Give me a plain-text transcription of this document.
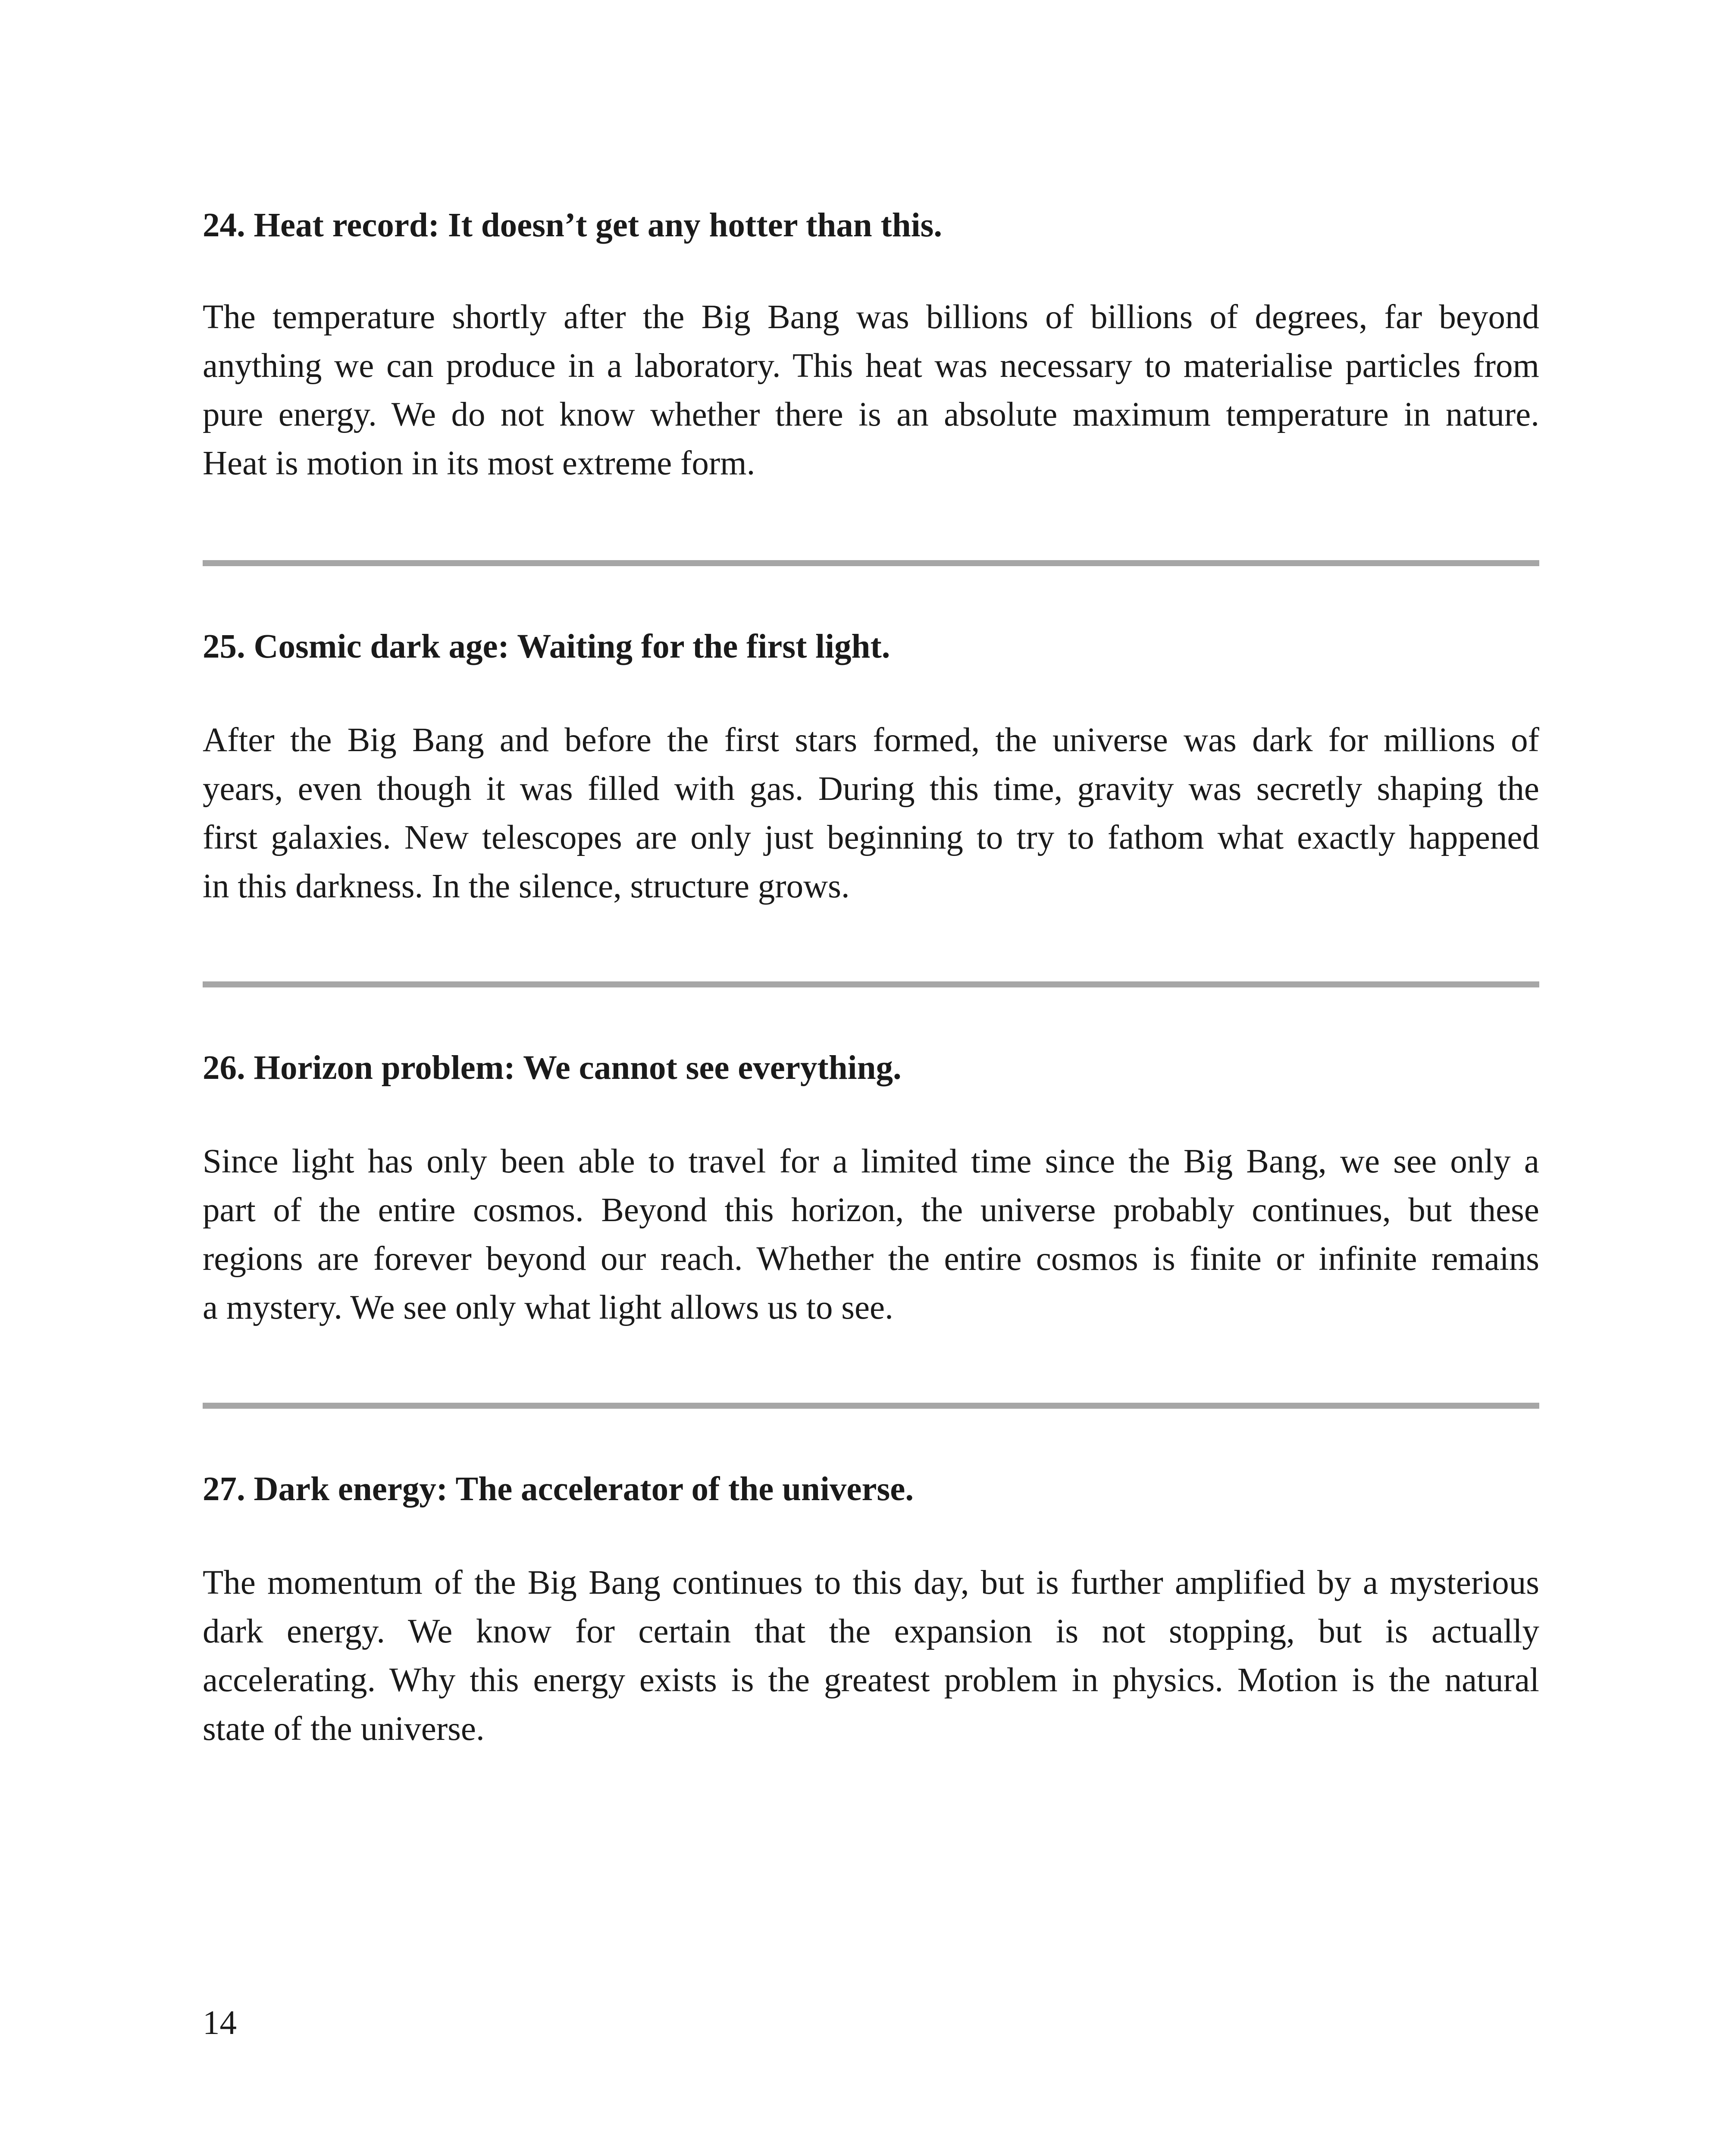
24. Heat record: It doesn’t get any hotter than this.

The temperature shortly after the Big Bang was billions of billions of degrees, far beyond
anything we can produce in a laboratory. This heat was necessary to materialise particles from
pure energy. We do not know whether there is an absolute maximum temperature in nature.
Heat is motion in its most extreme form.

25. Cosmic dark age: Waiting for the first light.

After the Big Bang and before the first stars formed, the universe was dark for millions of
years, even though it was filled with gas. During this time, gravity was secretly shaping the
first galaxies. New telescopes are only just beginning to try to fathom what exactly happened
in this darkness. In the silence, structure grows.

26. Horizon problem: We cannot see everything.

Since light has only been able to travel for a limited time since the Big Bang, we see only a
part of the entire cosmos. Beyond this horizon, the universe probably continues, but these
regions are forever beyond our reach. Whether the entire cosmos is finite or infinite remains
a mystery. We see only what light allows us to see.

27. Dark energy: The accelerator of the universe.

The momentum of the Big Bang continues to this day, but is further amplified by a mysterious
dark energy. We know for certain that the expansion is not stopping, but is actually
accelerating. Why this energy exists is the greatest problem in physics. Motion is the natural
state of the universe.

14
